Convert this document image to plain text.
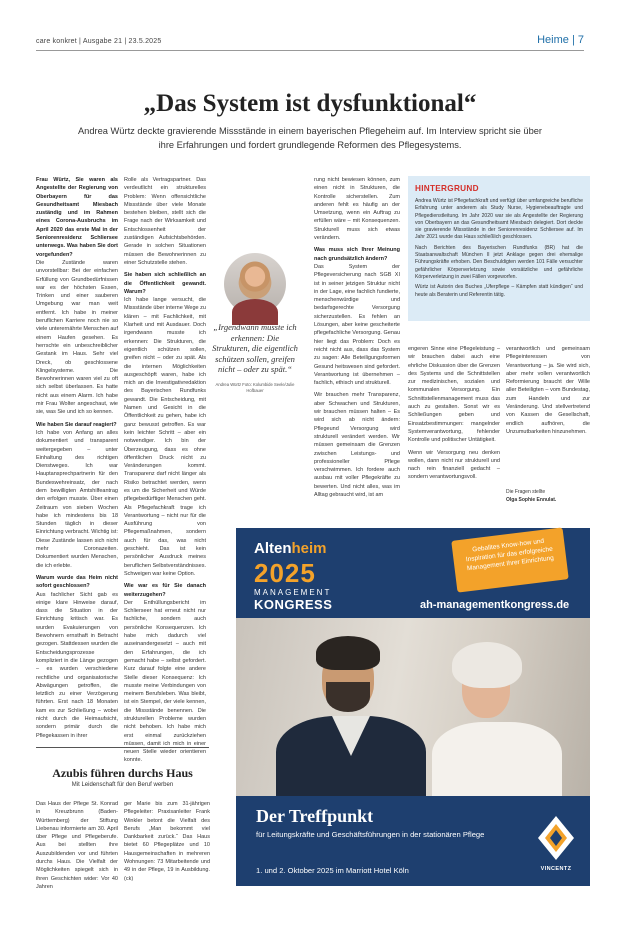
care konkret | Ausgabe 21 | 23.5.2025	Heime | 7
„Das System ist dysfunktional“
Andrea Würtz deckte gravierende Missstände in einem bayerischen Pflegeheim auf. Im Interview spricht sie über ihre Erfahrungen und fordert grundlegende Reformen des Pflegesystems.

Frau Würtz, Sie waren als Angestellte der Regierung von Oberbayern für das Gesundheitsamt Miesbach zuständig und im Rahmen eines Corona-Ausbruchs im April 2020 das erste Mal in der Seniorenresidenz Schliersee unterwegs. Was haben Sie dort vorgefunden?

Die Zustände waren unvorstellbar: Bei der einfachen Erfüllung von Grundbedürfnissen war es der höchsten Essen, Trinken und einer sauberen Umgebung war man weit entfernt. Ich habe in meiner beruflichen Karriere noch nie so viele unterernährte Menschen auf einem Haufen gesehen. Es herrschte ein unbeschreiblicher Gestank im Haus. Sehr viel Dreck, ob geschlossene Klingelsysteme. Die Bewohnerinnen waren viel zu oft sich selbst überlassen. Es hatte nicht aus einem Alarm. Ich habe mir Frau Wolter angeschaut, wie sie, was Sie und ich so kennen.

Wie haben Sie darauf reagiert?

Ich habe von Anfang an alles dokumentiert und transparent weitergegeben – unter Einhaltung des richtigen Dienstweges. Ich war Hauptansprechpartnerin für den Bundeswehreinsatz, der nach dem bewilligten Amtshilfeantrag den erfolgen musste. Über einen Zeitraum von sieben Wochen habe ich mindestens bis 18 Stunden täglich in dieser Einrichtung verbracht. Wichtig ist: Diese Zustände lassen sich nicht mehr Coronazeiten. Dokumentiert wurden Menschen, die ich erlebte.

Warum wurde das Heim nicht sofort geschlossen?

Aus fachlicher Sicht gab es einige klare Hinweise darauf, dass die Situation in der Einrichtung kritisch war. Es wurden Evakuierungen von Bewohnern ernsthaft in Betracht gezogen. Stattdessen wurden die Entscheidungsprozesse kompliziert in die Länge gezogen – es wurden verschiedene rechtliche und organisatorische Abwägungen getroffen, die letztlich zu einer Verzögerung führten. Erst nach 18 Monaten kam es zur Schließung – wobei nicht durch die Heimaufsicht, sondern primär durch die Pflegekassen in ihrer

Rolle als Vertragspartner. Das verdeutlicht ein strukturelles Problem: Wenn offensichtliche Missstände über viele Monate bestehen bleiben, stellt sich die Frage nach der Wirksamkeit und Entschlossenheit der zuständigen Aufsichtsbehörden. Gerade in solchen Situationen müssen die Bewohnerinnen zu einer Schutzstelle stehen.

Sie haben sich schließlich an die Öffentlichkeit gewandt. Warum?

Ich habe lange versucht, die Missstände über interne Wege zu klären – mit Fachlichkeit, mit Klarheit und mit Ausdauer. Doch irgendwann musste ich erkennen: Die Strukturen, die eigentlich schützen sollen, greifen nicht – oder zu spät. Als die internen Möglichkeiten ausgeschöpft waren, habe ich mich an die Investigativredaktion des Bayerischen Rundfunks gewandt. Die Entscheidung, mit Namen und Gesicht in die Öffentlichkeit zu gehen, habe ich ganz bewusst getroffen. Es war kein leichter Schritt – aber ein notwendiger. Ich bin der Überzeugung, dass es ohne öffentlichen Druck nicht zu Veränderungen kommt. Transparenz darf nicht länger als Risiko betrachtet werden, wenn es um die Sicherheit und Würde pflegebedürftiger Menschen geht. Als Pflegefachkraft trage ich Verantwortung – nicht nur für die Ausführung von Pflegemaßnahmen, sondern auch für das, was nicht geschieht. Das ist kein persönlicher Ausdruck meines beruflichen Selbstverständnisses. Schweigen war keine Option.

Wie war es für Sie danach weiterzugehen?

Der Enthüllungsbericht im Schlierseer hat erneut nicht nur fachliche, sondern auch persönliche Konsequenzen. Ich habe mich dadurch viel auseinandergesetzt – auch mit den Erfahrungen, die ich gemacht habe – selbst gefordert. Kurz darauf folgte eine andere Stelle dieser Konsequenz: Ich musste meine Verbindungen von meinem Berufsleben. Was bleibt, ist ein Stempel, der viele kennen, die Missstände benennen. Die strukturellen Probleme wurden nicht behoben. Ich habe mich erst einmal zurückziehen müssen, damit ich mich in einer neuen Stelle wieder orientieren konnte.

„Irgendwann musste ich erkennen: Die Strukturen, die eigentlich schützen sollen, greifen nicht – oder zu spät.“
Andrea Würtz Foto: Kolumbide Seele/Julie Hofbauer

rung nicht bewiesen können, zum einen nicht in Strukturen, die Kontrolle sicherstellen. Zum anderen fehlt es häufig an der Umsetzung, wenn ein Auftrag zu erfüllen wäre – mit Konsequenzen. Strukturell muss sich etwas verändern.

Was muss sich Ihrer Meinung nach grundsätzlich ändern?

Das System der Pflegeversicherung nach SGB XI ist in seiner jetzigen Struktur nicht in der Lage, eine fachlich fundierte, menschenwürdige und bedarfsgerechte Versorgung sicherzustellen. Es fehlen an Lösungen, aber keine gescheiterte pflegefachliche Versorgung. Genau hier liegt das Problem: Doch es reicht nicht aus, dass das System zu sagen: Alle Beteiligungsformen Gesund heitswesen sind gefordert. Verantwortung ist übernehmen – fachlich, ethisch und strukturell.

Wir brauchen mehr Transparenz, aber Schwachen und Strukturen, wir brauchen müssen halten – Es wird sich ab nicht ändern: Pflegeund Versorgung wird strukturell verändert werden. Wir müssen gemeinsam die Grenzen zwischen Leistungs- und professioneller Pflege verschwimmen. Ich fordere auch ausbau mit voller Pflegekräfte zu bewerten. Und nicht alles, was im Alltag gebraucht wird, ist am

HINTERGRUND

Andrea Würtz ist Pflegefachkraft und verfügt über umfangreiche berufliche Erfahrung unter anderem als Study Nurse, Hygienebeauftragte und Pflegedienstleitung. Im Jahr 2020 war sie als Angestellte der Regierung von Oberbayern an das Gesundheitsamt Miesbach delegiert. Dort deckte sie gravierende Missstände in der Seniorenresidenz Schliersee auf. Im Jahr 2021 wurde das Haus schließlich geschlossen.

Nach Berichten des Bayerischen Rundfunks (BR) hat die Staatsanwaltschaft München II jetzt Anklage gegen drei ehemalige Führungskräfte erhoben. Den Beschuldigten werden 101 Fälle versuchter gefährlicher Körperverletzung sowie vorsätzliche und gefährliche Körperverletzung in zwei Fällen vorgeworfen.

Würtz ist Autorin des Buches „Uferpflege – Kämpfen statt kündigen“ und heute als Beraterin und Referentin tätig.

engeren Sinne eine Pflegeleistung – wir brauchen dabei auch eine ehrliche Diskussion über die Grenzen des Systems und die Schnittstellen zur medizinischen, sozialen und kommunalen Versorgung. Ein Schnittstellenmanagement muss das auch zu gestalten. Sonst wir es Schließungen geben und Einsatzbestimmungen: mangelnder Systemverantwortung, fehlender Kontrolle und politischer Untätigkeit.

Wenn wir Versorgung neu denken wollen, dann nicht nur strukturell und nach rein finanziell gedacht – sondern verantwortungsvoll.

verantwortlich und gemeinsam Pflegeinteressen von Verantwortung – ja. Sie wird sich, aber mehr vollen verantwortlich Reformierung braucht der Wille aller Beteiligten – vom Bundestag, zum Handeln und zur Veränderung. Und stellvertretend von Kassen die Gesellschaft, endlich aufhören, die Unzumutbarkeiten hinzunehmen.

Die Fragen stellte
Olga Sophie Ennulat.
Azubis führen durchs Haus
Mit Leidenschaft für den Beruf werben
Das Haus der Pflege St. Konrad in Kreuzbrunn (Baden-Württemberg) der Stiftung Liebenau informierte am 30. April über Pflege und Pflegeberufe. Aus bei stellten ihre Auszubildenden vor und führten durchs Haus. Die Vielfalt der Möglichkeiten spiegelt sich in ihren Geschichten wider: Vor 40 Jahren
ger Marie bis zum 31-jährigen Pflegeleiter: Praxisanleiter Frank Winkler betont die Vielfalt des Berufs „Man bekommt viel Dankbarkeit zurück.“ Das Haus bietet 60 Pflegeplätze und 10 Hausgemeinschaften in mehreren Wohnungen: 73 Mitarbeitende und 49 in der Pflege, 19 in Ausbildung. (ck)
Altenheim
2025
MANAGEMENT
KONGRESS
Geballtes Know-how und Inspiration für das erfolgreiche Management Ihrer Einrichtung
ah-managementkongress.de
Der Treffpunkt
für Leitungskräfte und Geschäftsführungen in der stationären Pflege
1. und 2. Oktober 2025 im Marriott Hotel Köln	VINCENTZ
